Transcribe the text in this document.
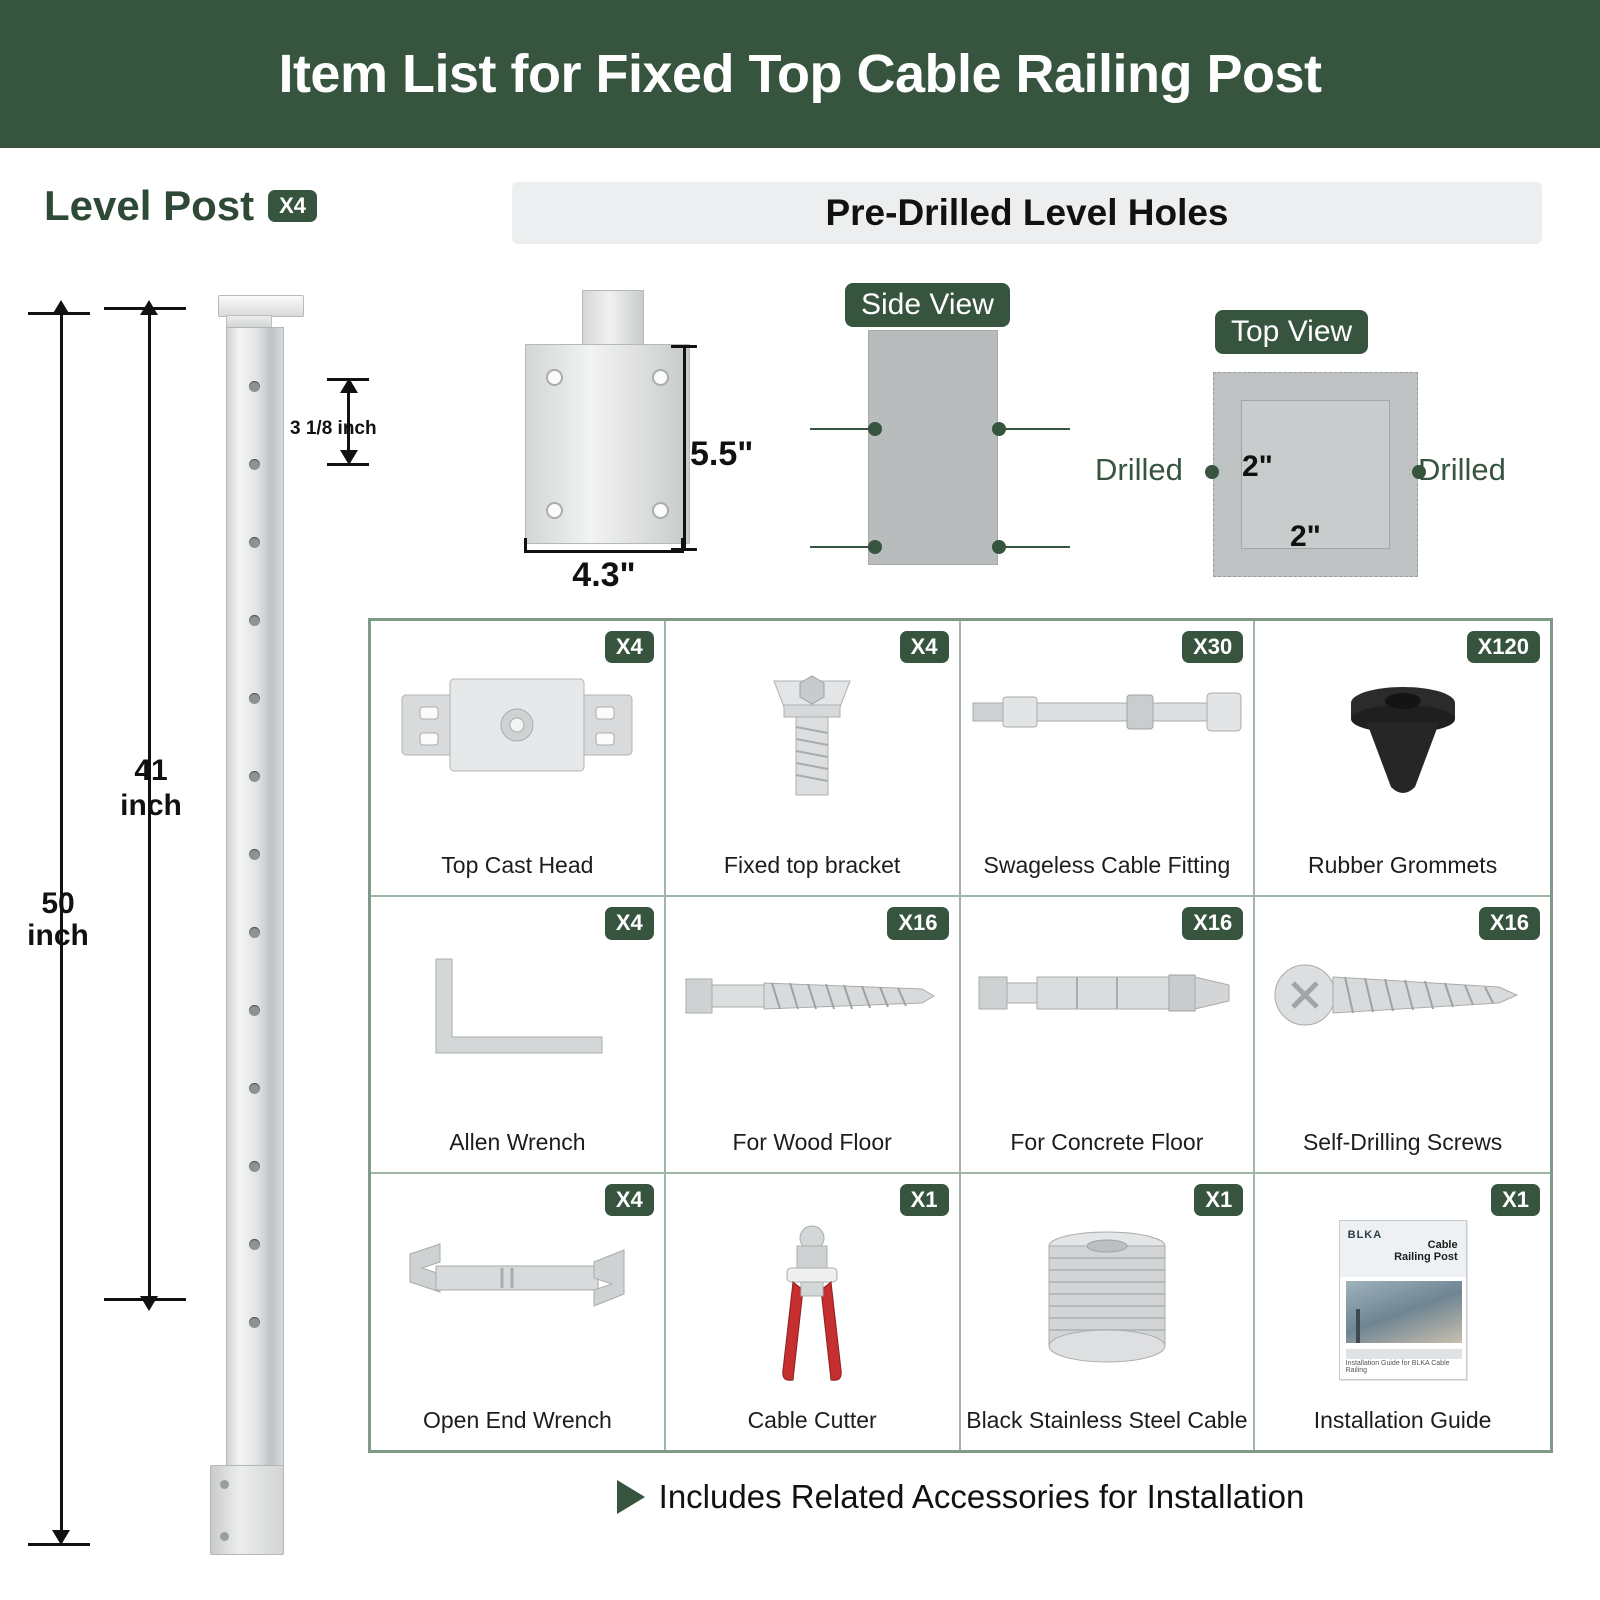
Item List for Fixed Top Cable Railing Post
Level Post	X4
50
inch
41
inch
3 1/8 inch
Pre-Drilled Level Holes
5.5"
4.3"
Side View
Top View
Drilled	Drilled
2"
2"
X4
Top Cast Head
X4
Fixed top bracket
X30
Swageless Cable Fitting
X120
Rubber Grommets
X4
Allen Wrench
X16
For Wood Floor
X16
For Concrete Floor
X16
Self-Drilling Screws
X4
Open End Wrench
X1
Cable Cutter
X1
Black Stainless Steel Cable
X1
BLKA
Cable
Railing Post
Installation Guide for BLKA Cable Railing
Installation Guide
Includes Related Accessories for Installation
